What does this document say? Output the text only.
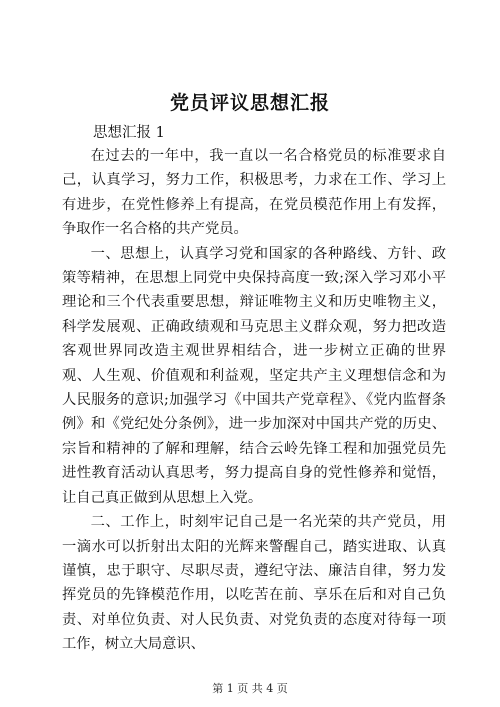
党员评议思想汇报
思想汇报 1

在过去的一年中，我一直以一名合格党员的标准要求自己，认真学习，努力工作，积极思考，力求在工作、学习上有进步，在党性修养上有提高，在党员模范作用上有发挥，争取作一名合格的共产党员。

一、思想上，认真学习党和国家的各种路线、方针、政策等精神，在思想上同党中央保持高度一致;深入学习邓小平理论和三个代表重要思想，辩证唯物主义和历史唯物主义，科学发展观、正确政绩观和马克思主义群众观，努力把改造客观世界同改造主观世界相结合，进一步树立正确的世界观、人生观、价值观和利益观，坚定共产主义理想信念和为人民服务的意识;加强学习《中国共产党章程》、《党内监督条例》和《党纪处分条例》，进一步加深对中国共产党的历史、宗旨和精神的了解和理解，结合云岭先锋工程和加强党员先进性教育活动认真思考，努力提高自身的党性修养和觉悟，让自己真正做到从思想上入党。

二、工作上，时刻牢记自己是一名光荣的共产党员，用一滴水可以折射出太阳的光辉来警醒自己，踏实进取、认真谨慎，忠于职守、尽职尽责，遵纪守法、廉洁自律，努力发挥党员的先锋模范作用，以吃苦在前、享乐在后和对自己负责、对单位负责、对人民负责、对党负责的态度对待每一项工作，树立大局意识、

第 1 页 共 4 页
